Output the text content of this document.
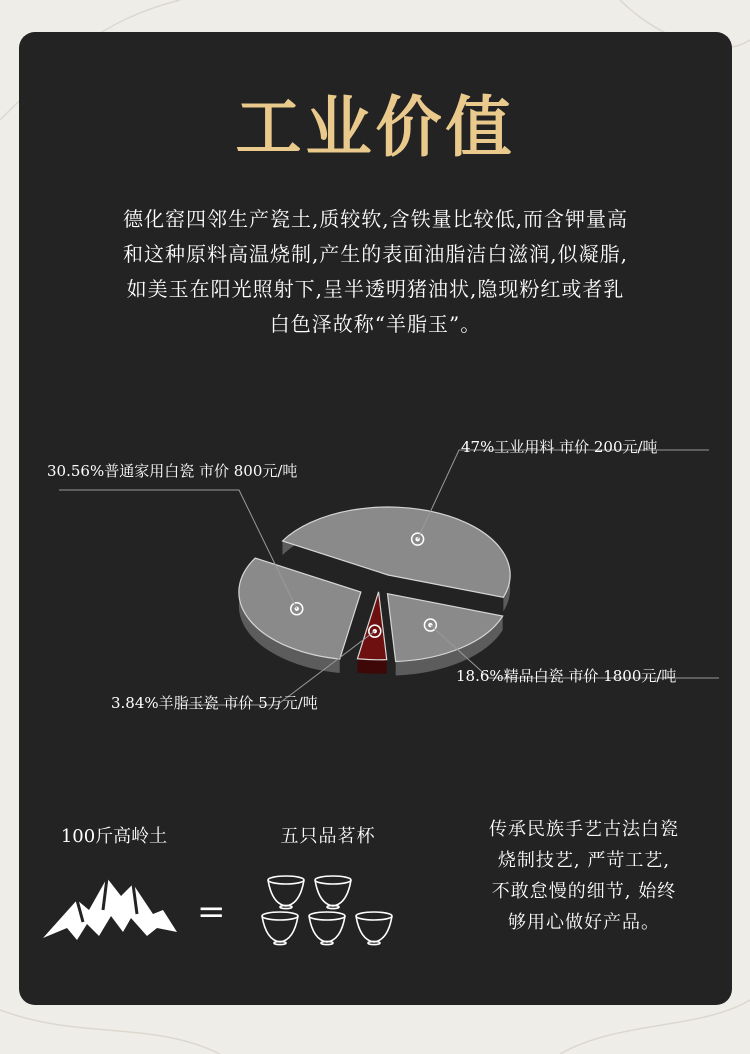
工业价值
德化窑四邻生产瓷土,质较软,含铁量比较低,而含钾量高
和这种原料高温烧制,产生的表面油脂洁白滋润,似凝脂,
如美玉在阳光照射下,呈半透明猪油状,隐现粉红或者乳
白色泽故称“羊脂玉”。
47%工业用料 市价 200元/吨
18.6%精品白瓷 市价 1800元/吨
3.84%羊脂玉瓷 市价 5万元/吨
30.56%普通家用白瓷 市价 800元/吨
100斤高岭土
=
五只品茗杯	传承民族手艺古法白瓷
烧制技艺, 严苛工艺,
不敢怠慢的细节, 始终
够用心做好产品。
